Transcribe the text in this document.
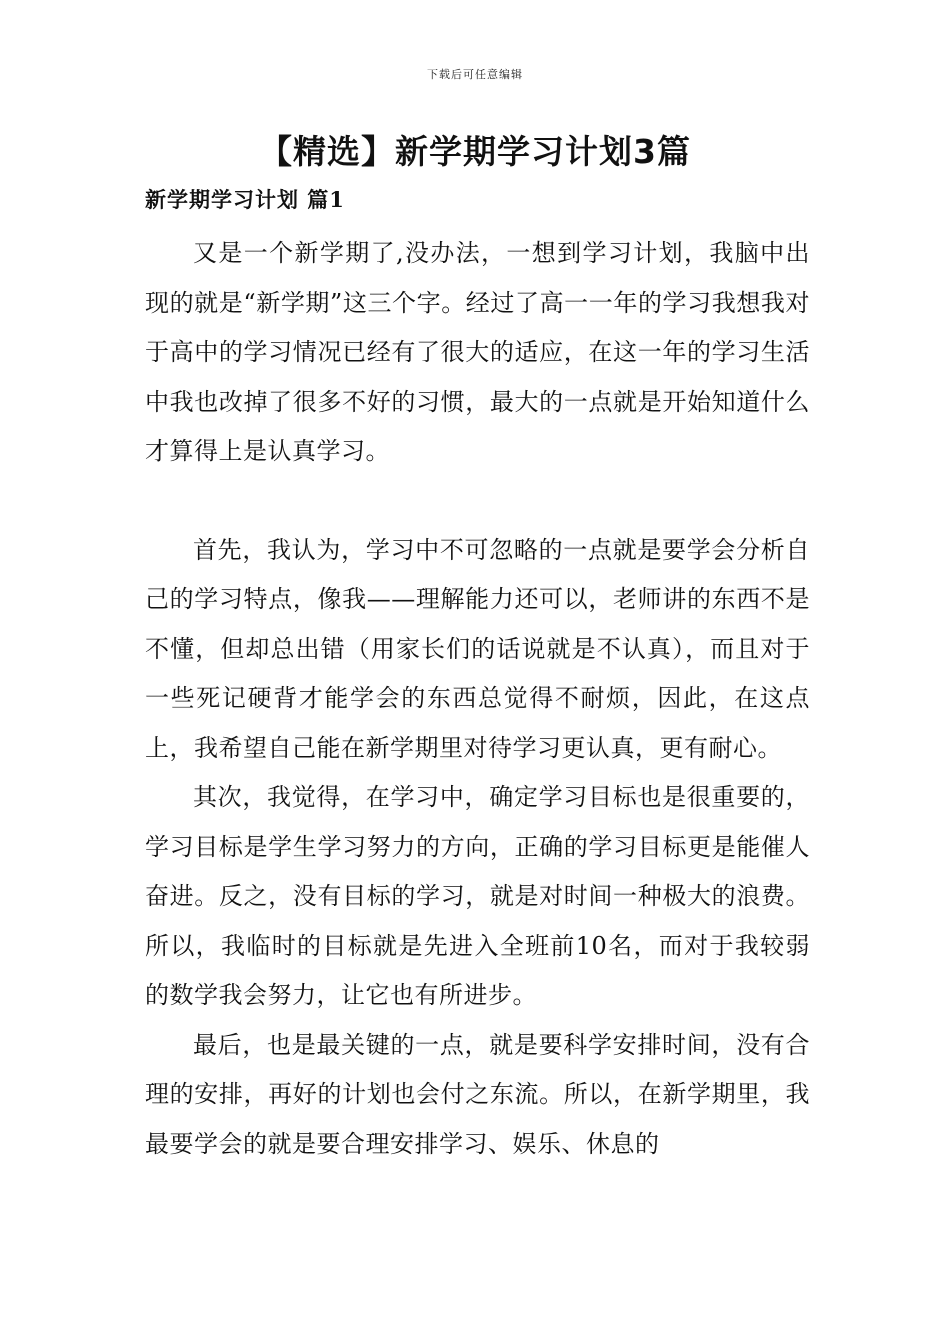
下载后可任意编辑
【精选】新学期学习计划3篇
新学期学习计划 篇1

又是一个新学期了,没办法，一想到学习计划，我脑中出现的就是“新学期”这三个字。经过了高一一年的学习我想我对于高中的学习情况已经有了很大的适应，在这一年的学习生活中我也改掉了很多不好的习惯，最大的一点就是开始知道什么才算得上是认真学习。

首先，我认为，学习中不可忽略的一点就是要学会分析自己的学习特点，像我——理解能力还可以，老师讲的东西不是不懂，但却总出错（用家长们的话说就是不认真），而且对于一些死记硬背才能学会的东西总觉得不耐烦，因此，在这点上，我希望自己能在新学期里对待学习更认真，更有耐心。

其次，我觉得，在学习中，确定学习目标也是很重要的，学习目标是学生学习努力的方向，正确的学习目标更是能催人奋进。反之，没有目标的学习，就是对时间一种极大的浪费。所以，我临时的目标就是先进入全班前10名，而对于我较弱的数学我会努力，让它也有所进步。

最后，也是最关键的一点，就是要科学安排时间，没有合理的安排，再好的计划也会付之东流。所以，在新学期里，我最要学会的就是要合理安排学习、娱乐、休息的
